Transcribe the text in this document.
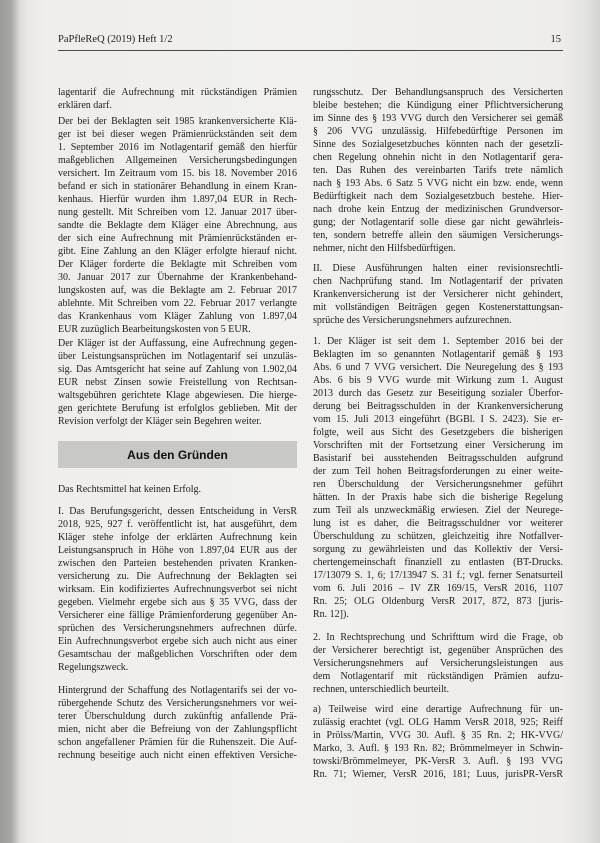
PaPfleReQ (2019) Heft 1/2	15
lagentarif die Aufrechnung mit rückständigen Prämien
erklären darf.
Der bei der Beklagten seit 1985 krankenversicherte Klä-
ger ist bei dieser wegen Prämienrückständen seit dem
1. September 2016 im Notlagentarif gemäß den hierfür
maßgeblichen Allgemeinen Versicherungsbedingungen
versichert. Im Zeitraum vom 15. bis 18. November 2016
befand er sich in stationärer Behandlung in einem Kran-
kenhaus. Hierfür wurden ihm 1.897,04 EUR in Rech-
nung gestellt. Mit Schreiben vom 12. Januar 2017 über-
sandte die Beklagte dem Kläger eine Abrechnung, aus
der sich eine Aufrechnung mit Prämienrückständen er-
gibt. Eine Zahlung an den Kläger erfolgte hierauf nicht.
Der Kläger forderte die Beklagte mit Schreiben vom
30. Januar 2017 zur Übernahme der Krankenbehand-
lungskosten auf, was die Beklagte am 2. Februar 2017
ablehnte. Mit Schreiben vom 22. Februar 2017 verlangte
das Krankenhaus vom Kläger Zahlung von 1.897,04
EUR zuzüglich Bearbeitungskosten von 5 EUR.
Der Kläger ist der Auffassung, eine Aufrechnung gegen-
über Leistungsansprüchen im Notlagentarif sei unzuläs-
sig. Das Amtsgericht hat seine auf Zahlung von 1.902,04
EUR nebst Zinsen sowie Freistellung von Rechtsan-
waltsgebühren gerichtete Klage abgewiesen. Die hierge-
gen gerichtete Berufung ist erfolglos geblieben. Mit der
Revision verfolgt der Kläger sein Begehren weiter.
Aus den Gründen
Das Rechtsmittel hat keinen Erfolg.
I. Das Berufungsgericht, dessen Entscheidung in VersR
2018, 925, 927 f. veröffentlicht ist, hat ausgeführt, dem
Kläger stehe infolge der erklärten Aufrechnung kein
Leistungsanspruch in Höhe von 1.897,04 EUR aus der
zwischen den Parteien bestehenden privaten Kranken-
versicherung zu. Die Aufrechnung der Beklagten sei
wirksam. Ein kodifiziertes Aufrechnungsverbot sei nicht
gegeben. Vielmehr ergebe sich aus § 35 VVG, dass der
Versicherer eine fällige Prämienforderung gegenüber An-
sprüchen des Versicherungsnehmers aufrechnen dürfe.
Ein Aufrechnungsverbot ergebe sich auch nicht aus einer
Gesamtschau der maßgeblichen Vorschriften oder dem
Regelungszweck.
Hintergrund der Schaffung des Notlagentarifs sei der vo-
rübergehende Schutz des Versicherungsnehmers vor wei-
terer Überschuldung durch zukünftig anfallende Prä-
mien, nicht aber die Befreiung von der Zahlungspflicht
schon angefallener Prämien für die Ruhenszeit. Die Auf-
rechnung beseitige auch nicht einen effektiven Versiche-
rungsschutz. Der Behandlungsanspruch des Versicherten
bleibe bestehen; die Kündigung einer Pflichtversicherung
im Sinne des § 193 VVG durch den Versicherer sei gemäß
§ 206 VVG unzulässig. Hilfebedürftige Personen im
Sinne des Sozialgesetzbuches könnten nach der gesetzli-
chen Regelung ohnehin nicht in den Notlagentarif gera-
ten. Das Ruhen des vereinbarten Tarifs trete nämlich
nach § 193 Abs. 6 Satz 5 VVG nicht ein bzw. ende, wenn
Bedürftigkeit nach dem Sozialgesetzbuch bestehe. Hier-
nach drohe kein Entzug der medizinischen Grundversor-
gung; der Notlagentarif solle diese gar nicht gewährleis-
ten, sondern betreffe allein den säumigen Versicherungs-
nehmer, nicht den Hilfsbedürftigen.
II. Diese Ausführungen halten einer revisionsrechtli-
chen Nachprüfung stand. Im Notlagentarif der privaten
Krankenversicherung ist der Versicherer nicht gehindert,
mit vollständigen Beiträgen gegen Kostenerstattungsan-
sprüche des Versicherungsnehmers aufzurechnen.
1. Der Kläger ist seit dem 1. September 2016 bei der
Beklagten im so genannten Notlagentarif gemäß § 193
Abs. 6 und 7 VVG versichert. Die Neuregelung des § 193
Abs. 6 bis 9 VVG wurde mit Wirkung zum 1. August
2013 durch das Gesetz zur Beseitigung sozialer Überfor-
derung bei Beitragsschulden in der Krankenversicherung
vom 15. Juli 2013 eingeführt (BGBl. I S. 2423). Sie er-
folgte, weil aus Sicht des Gesetzgebers die bisherigen
Vorschriften mit der Fortsetzung einer Versicherung im
Basistarif bei ausstehenden Beitragsschulden aufgrund
der zum Teil hohen Beitragsforderungen zu einer weite-
ren Überschuldung der Versicherungsnehmer geführt
hätten. In der Praxis habe sich die bisherige Regelung
zum Teil als unzweckmäßig erwiesen. Ziel der Neurege-
lung ist es daher, die Beitragsschuldner vor weiterer
Überschuldung zu schützen, gleichzeitig ihre Notfallver-
sorgung zu gewährleisten und das Kollektiv der Versi-
chertengemeinschaft finanziell zu entlasten (BT-Drucks.
17/13079 S. 1, 6; 17/13947 S. 31 f.; vgl. ferner Senatsurteil
vom 6. Juli 2016 – IV ZR 169/15, VersR 2016, 1107
Rn. 25; OLG Oldenburg VersR 2017, 872, 873 [juris-
Rn. 12]).
2. In Rechtsprechung und Schrifttum wird die Frage, ob
der Versicherer berechtigt ist, gegenüber Ansprüchen des
Versicherungsnehmers auf Versicherungsleistungen aus
dem Notlagentarif mit rückständigen Prämien aufzu-
rechnen, unterschiedlich beurteilt.
a) Teilweise wird eine derartige Aufrechnung für un-
zulässig erachtet (vgl. OLG Hamm VersR 2018, 925; Reiff
in Prölss/Martin, VVG 30. Aufl. § 35 Rn. 2; HK-VVG/
Marko, 3. Aufl. § 193 Rn. 82; Brömmelmeyer in Schwin-
towski/Brömmelmeyer, PK-VersR 3. Aufl. § 193 VVG
Rn. 71; Wiemer, VersR 2016, 181; Luus, jurisPR-VersR
